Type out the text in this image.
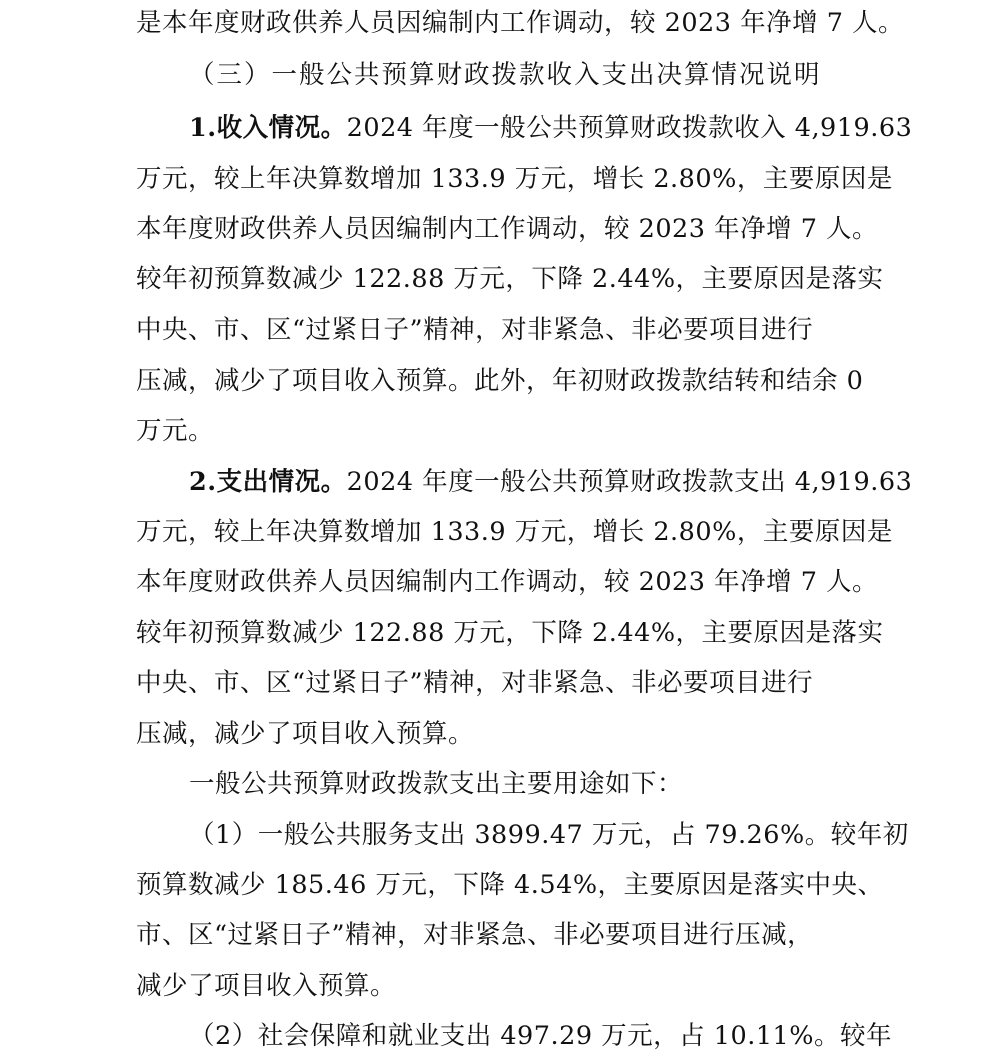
是本年度财政供养人员因编制内工作调动，较 2023 年净增 7 人。
（三）一般公共预算财政拨款收入支出决算情况说明
1.收入情况。2024 年度一般公共预算财政拨款收入 4,919.63
万元，较上年决算数增加 133.9 万元，增长 2.80%，主要原因是
本年度财政供养人员因编制内工作调动，较 2023 年净增 7 人。
较年初预算数减少 122.88 万元，下降 2.44%，主要原因是落实
中央、市、区“过紧日子”精神，对非紧急、非必要项目进行
压减，减少了项目收入预算。此外，年初财政拨款结转和结余 0
万元。
2.支出情况。2024 年度一般公共预算财政拨款支出 4,919.63
万元，较上年决算数增加 133.9 万元，增长 2.80%，主要原因是
本年度财政供养人员因编制内工作调动，较 2023 年净增 7 人。
较年初预算数减少 122.88 万元，下降 2.44%，主要原因是落实
中央、市、区“过紧日子”精神，对非紧急、非必要项目进行
压减，减少了项目收入预算。
一般公共预算财政拨款支出主要用途如下：
（1）一般公共服务支出 3899.47 万元，占 79.26%。较年初
预算数减少 185.46 万元，下降 4.54%，主要原因是落实中央、
市、区“过紧日子”精神，对非紧急、非必要项目进行压减，
减少了项目收入预算。
（2）社会保障和就业支出 497.29 万元，占 10.11%。较年
